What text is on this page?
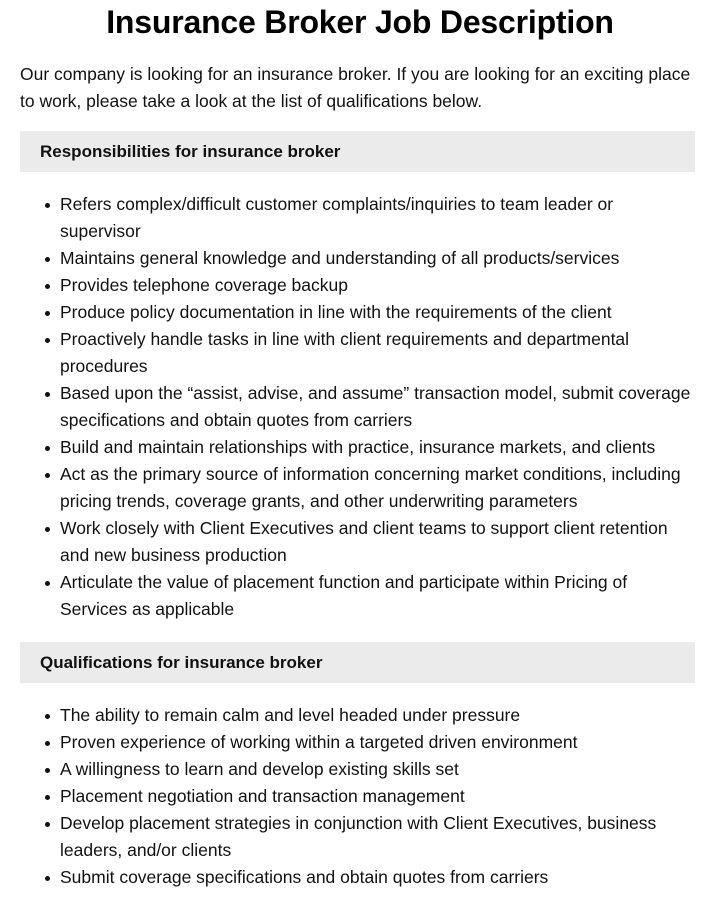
Insurance Broker Job Description

Our company is looking for an insurance broker. If you are looking for an exciting place to work, please take a look at the list of qualifications below.

Responsibilities for insurance broker
Refers complex/difficult customer complaints/inquiries to team leader or supervisor
Maintains general knowledge and understanding of all products/services
Provides telephone coverage backup
Produce policy documentation in line with the requirements of the client
Proactively handle tasks in line with client requirements and departmental procedures
Based upon the “assist, advise, and assume” transaction model, submit coverage specifications and obtain quotes from carriers
Build and maintain relationships with practice, insurance markets, and clients
Act as the primary source of information concerning market conditions, including pricing trends, coverage grants, and other underwriting parameters
Work closely with Client Executives and client teams to support client retention and new business production
Articulate the value of placement function and participate within Pricing of Services as applicable
Qualifications for insurance broker
The ability to remain calm and level headed under pressure
Proven experience of working within a targeted driven environment
A willingness to learn and develop existing skills set
Placement negotiation and transaction management
Develop placement strategies in conjunction with Client Executives, business leaders, and/or clients
Submit coverage specifications and obtain quotes from carriers
